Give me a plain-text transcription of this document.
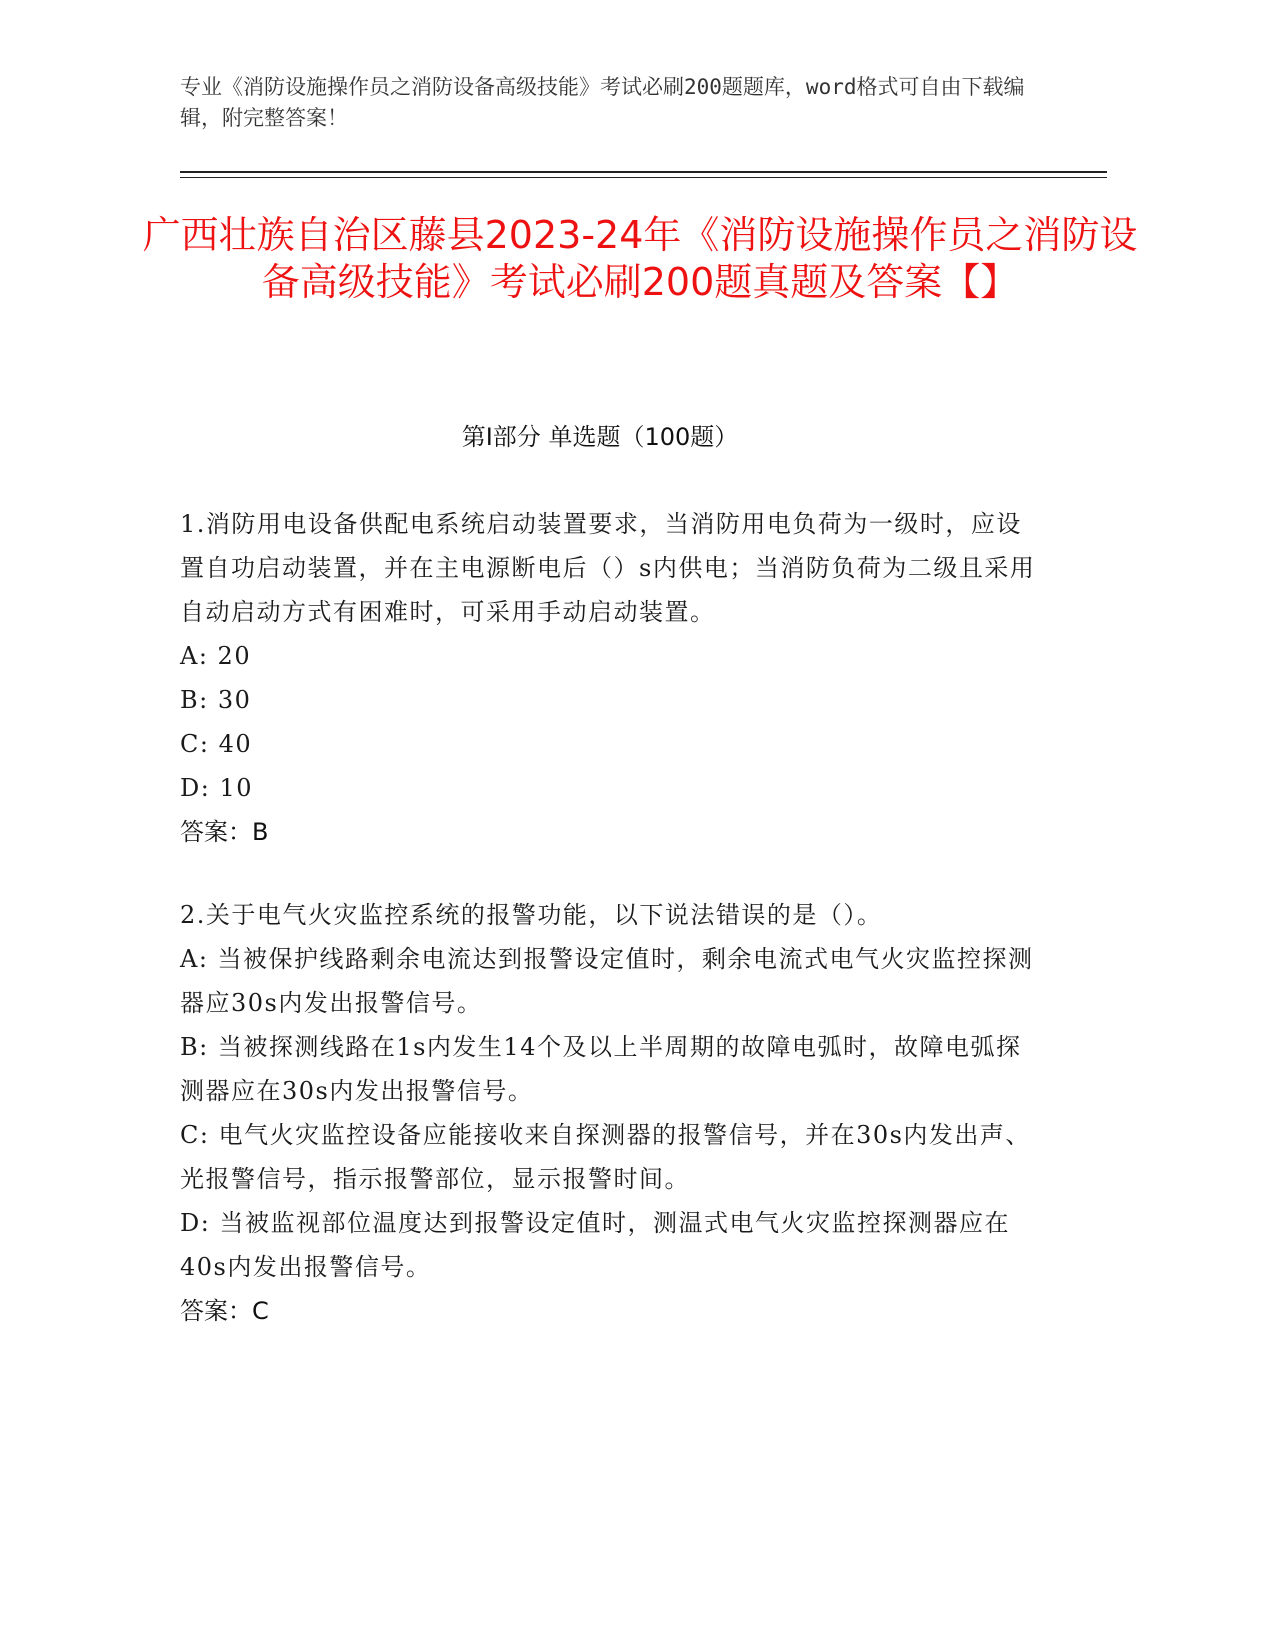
专业《消防设施操作员之消防设备高级技能》考试必刷200题题库，word格式可自由下载编辑，附完整答案！
广西壮族自治区藤县2023-24年《消防设施操作员之消防设备高级技能》考试必刷200题真题及答案【】
第Ⅰ部分 单选题（100题）

1.消防用电设备供配电系统启动装置要求，当消防用电负荷为一级时，应设置自功启动装置，并在主电源断电后（）s内供电；当消防负荷为二级且采用自动启动方式有困难时，可采用手动启动装置。

A: 20

B: 30

C: 40

D: 10

答案：B

2.关于电气火灾监控系统的报警功能，以下说法错误的是（）。

A: 当被保护线路剩余电流达到报警设定值时，剩余电流式电气火灾监控探测器应30s内发出报警信号。

B: 当被探测线路在1s内发生14个及以上半周期的故障电弧时，故障电弧探测器应在30s内发出报警信号。

C: 电气火灾监控设备应能接收来自探测器的报警信号，并在30s内发出声、光报警信号，指示报警部位，显示报警时间。

D: 当被监视部位温度达到报警设定值时，测温式电气火灾监控探测器应在40s内发出报警信号。

答案：C
